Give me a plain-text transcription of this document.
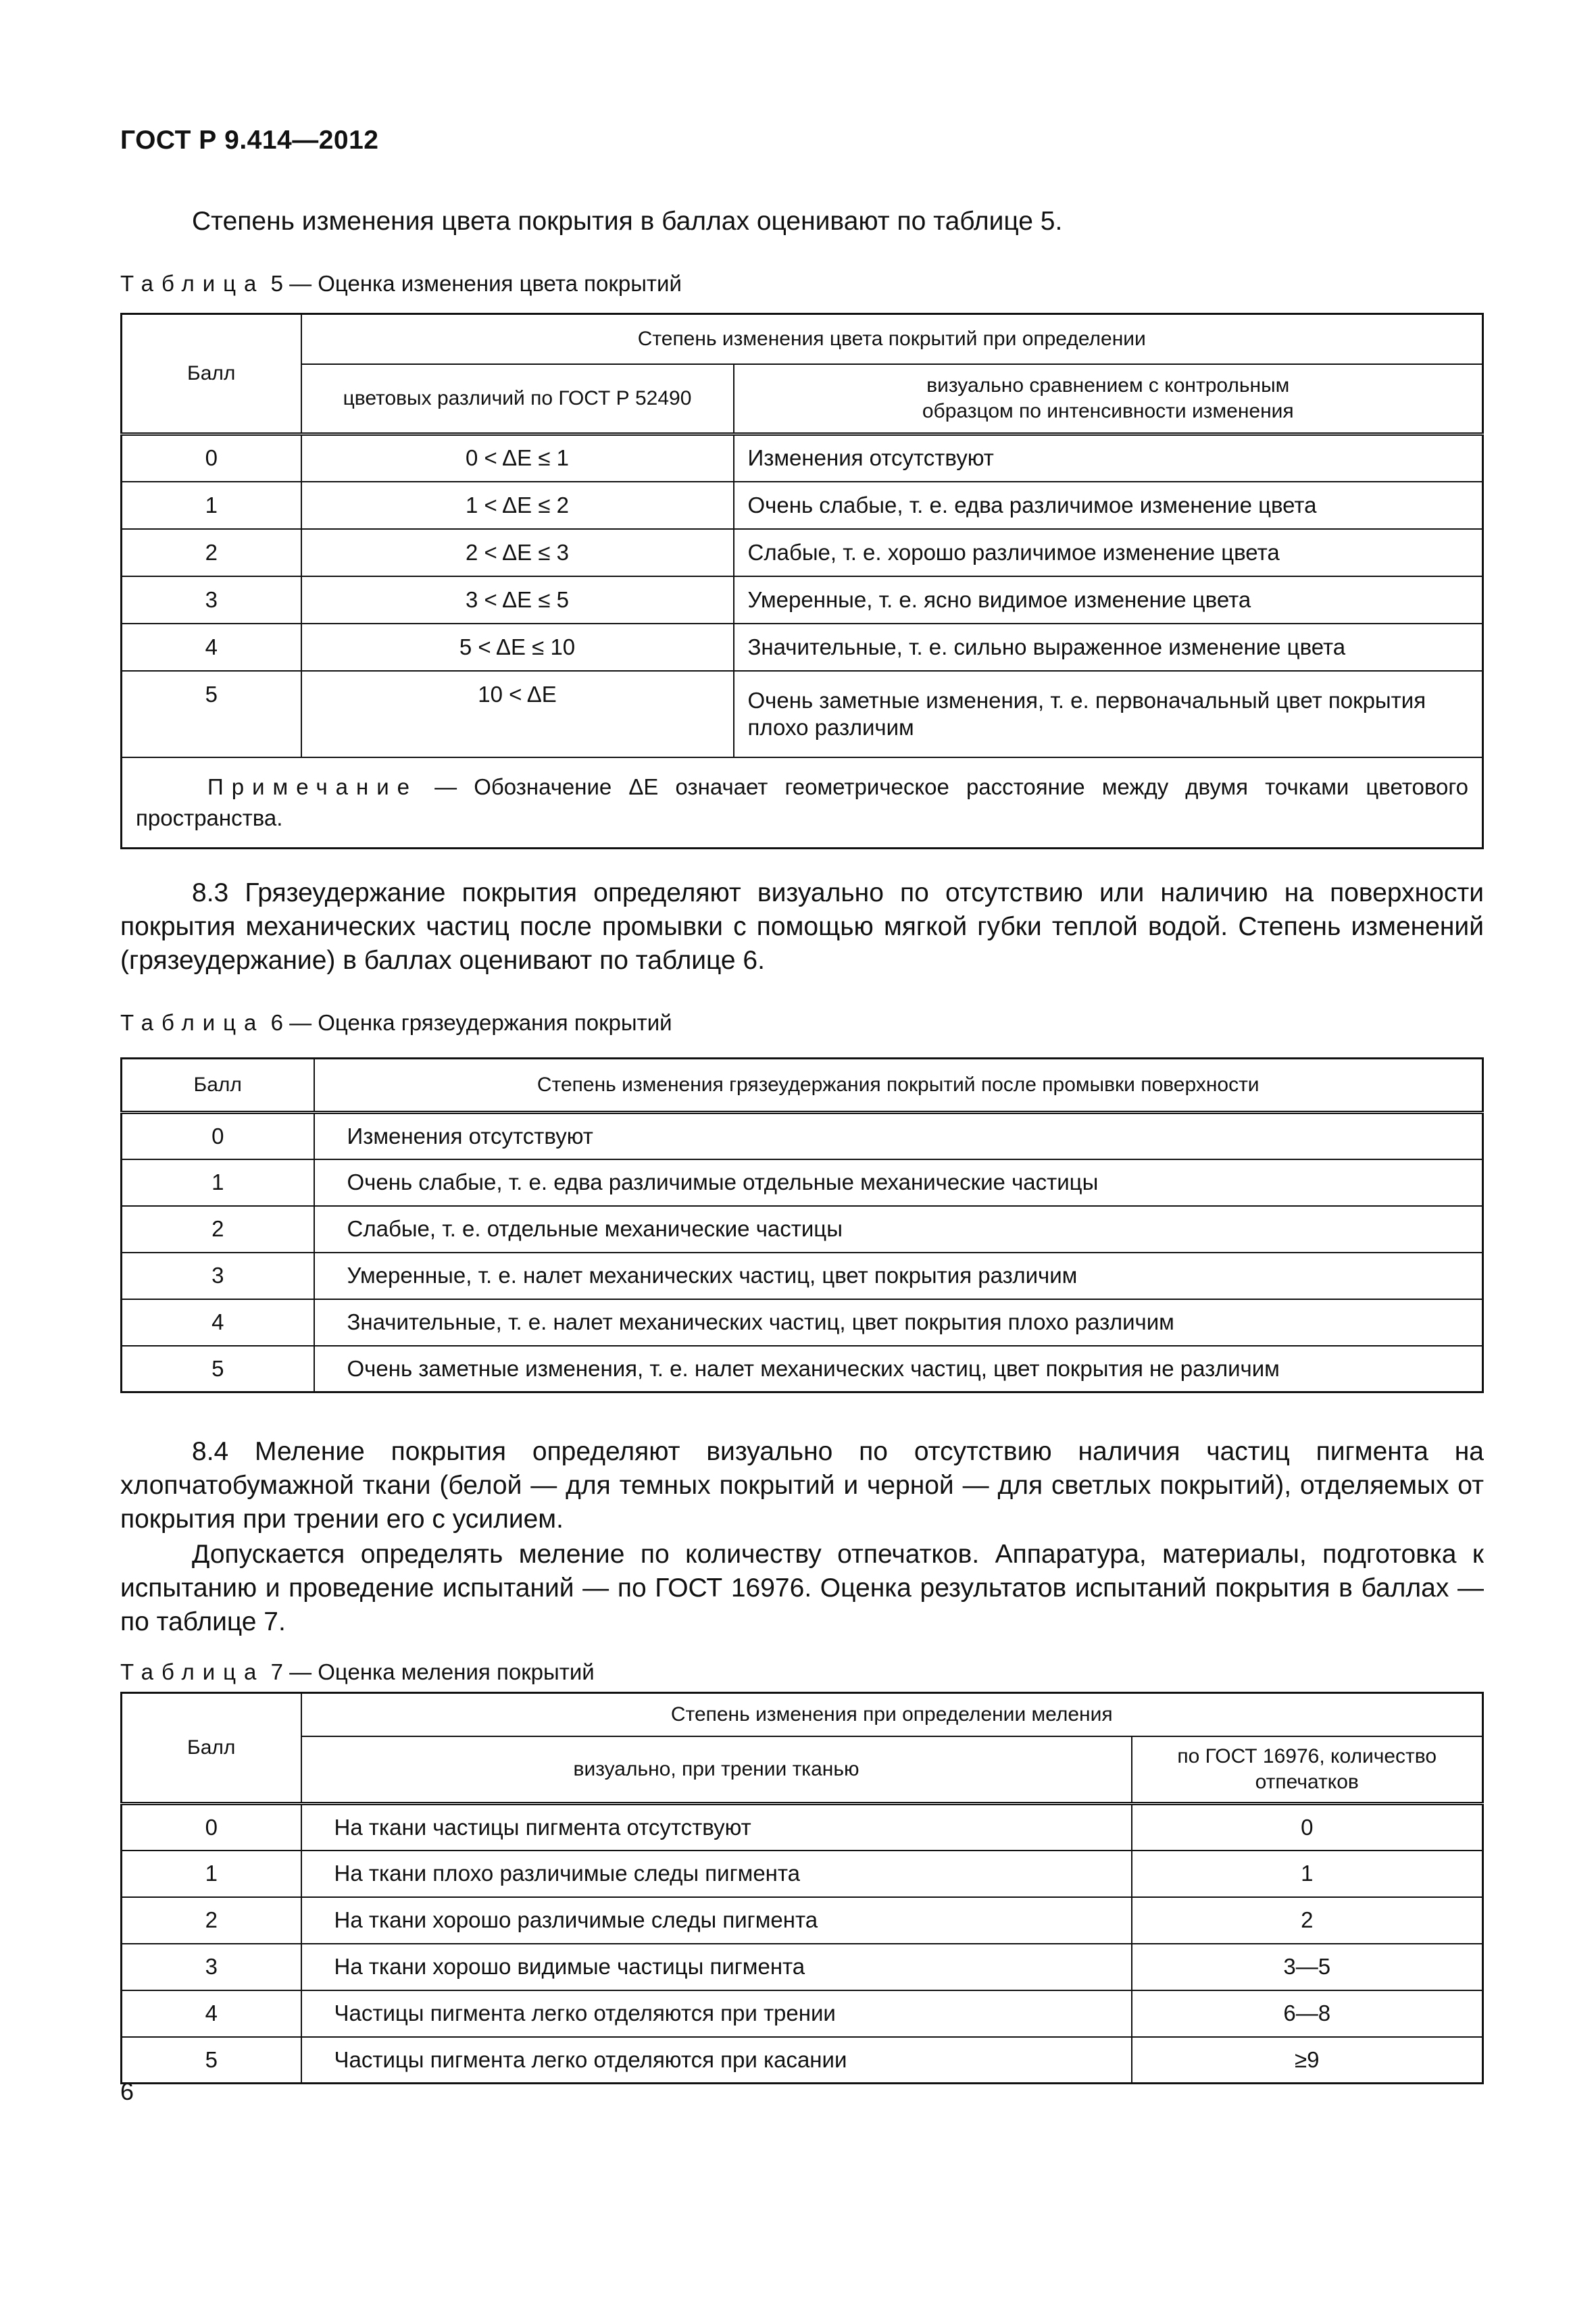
ГОСТ Р 9.414—2012
Степень изменения цвета покрытия в баллах оценивают по таблице 5.
Таблица 5 — Оценка изменения цвета покрытий
Балл	Степень изменения цвета покрытий при определении	
	цветовых различий по ГОСТ Р 52490	визуально сравнением с контрольным образцом по интенсивности изменения
0	0 < ΔE ≤ 1	Изменения отсутствуют
1	1 < ΔE ≤ 2	Очень слабые, т. е. едва различимое изменение цвета
2	2 < ΔE ≤ 3	Слабые, т. е. хорошо различимое изменение цвета
3	3 < ΔE ≤ 5	Умеренные, т. е. ясно видимое изменение цвета
4	5 < ΔE ≤ 10	Значительные, т. е. сильно выраженное изменение цвета
5	10 < ΔE	Очень заметные изменения, т. е. первоначальный цвет покрытия плохо различим
Примечание — Обозначение ΔE означает геометрическое расстояние между двумя точками цветового пространства.		
8.3 Грязеудержание покрытия определяют визуально по отсутствию или наличию на поверхности покрытия механических частиц после промывки с помощью мягкой губки теплой водой. Степень изменений (грязеудержание) в баллах оценивают по таблице 6.
Таблица 6 — Оценка грязеудержания покрытий
Балл	Степень изменения грязеудержания покрытий после промывки поверхности
0	Изменения отсутствуют
1	Очень слабые, т. е. едва различимые отдельные механические частицы
2	Слабые, т. е. отдельные механические частицы
3	Умеренные, т. е. налет механических частиц, цвет покрытия различим
4	Значительные, т. е. налет механических частиц, цвет покрытия плохо различим
5	Очень заметные изменения, т. е. налет механических частиц, цвет покрытия не различим
8.4 Меление покрытия определяют визуально по отсутствию наличия частиц пигмента на хлопчатобумажной ткани (белой — для темных покрытий и черной — для светлых покрытий), отделяемых от покрытия при трении его с усилием.
Допускается определять меление по количеству отпечатков. Аппаратура, материалы, подготовка к испытанию и проведение испытаний — по ГОСТ 16976. Оценка результатов испытаний покрытия в баллах — по таблице 7.
Таблица 7 — Оценка меления покрытий
Балл	Степень изменения при определении меления	
	визуально, при трении тканью	по ГОСТ 16976, количество отпечатков
0	На ткани частицы пигмента отсутствуют	0
1	На ткани плохо различимые следы пигмента	1
2	На ткани хорошо различимые следы пигмента	2
3	На ткани хорошо видимые частицы пигмента	3—5
4	Частицы пигмента легко отделяются при трении	6—8
5	Частицы пигмента легко отделяются при касании	≥9
6
